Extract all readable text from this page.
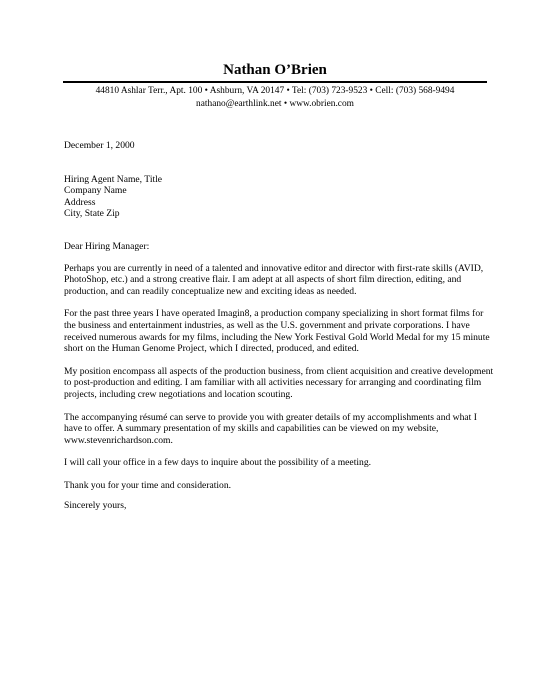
Nathan O’Brien
44810 Ashlar Terr., Apt. 100 • Ashburn, VA 20147 • Tel: (703) 723-9523 • Cell: (703) 568-9494
nathano@earthlink.net • www.obrien.com
December 1, 2000
Hiring Agent Name, Title
Company Name
Address
City, State Zip
Dear Hiring Manager:

Perhaps you are currently in need of a talented and innovative editor and director with first-rate skills (AVID, PhotoShop, etc.) and a strong creative flair. I am adept at all aspects of short film direction, editing, and production, and can readily conceptualize new and exciting ideas as needed.

For the past three years I have operated Imagin8, a production company specializing in short format films for the business and entertainment industries, as well as the U.S. government and private corporations. I have received numerous awards for my films, including the New York Festival Gold World Medal for my 15 minute short on the Human Genome Project, which I directed, produced, and edited.

My position encompass all aspects of the production business, from client acquisition and creative development to post-production and editing. I am familiar with all activities necessary for arranging and coordinating film projects, including crew negotiations and location scouting.

The accompanying résumé can serve to provide you with greater details of my accomplishments and what I have to offer. A summary presentation of my skills and capabilities can be viewed on my website, www.stevenrichardson.com.

I will call your office in a few days to inquire about the possibility of a meeting.

Thank you for your time and consideration.
Sincerely yours,
